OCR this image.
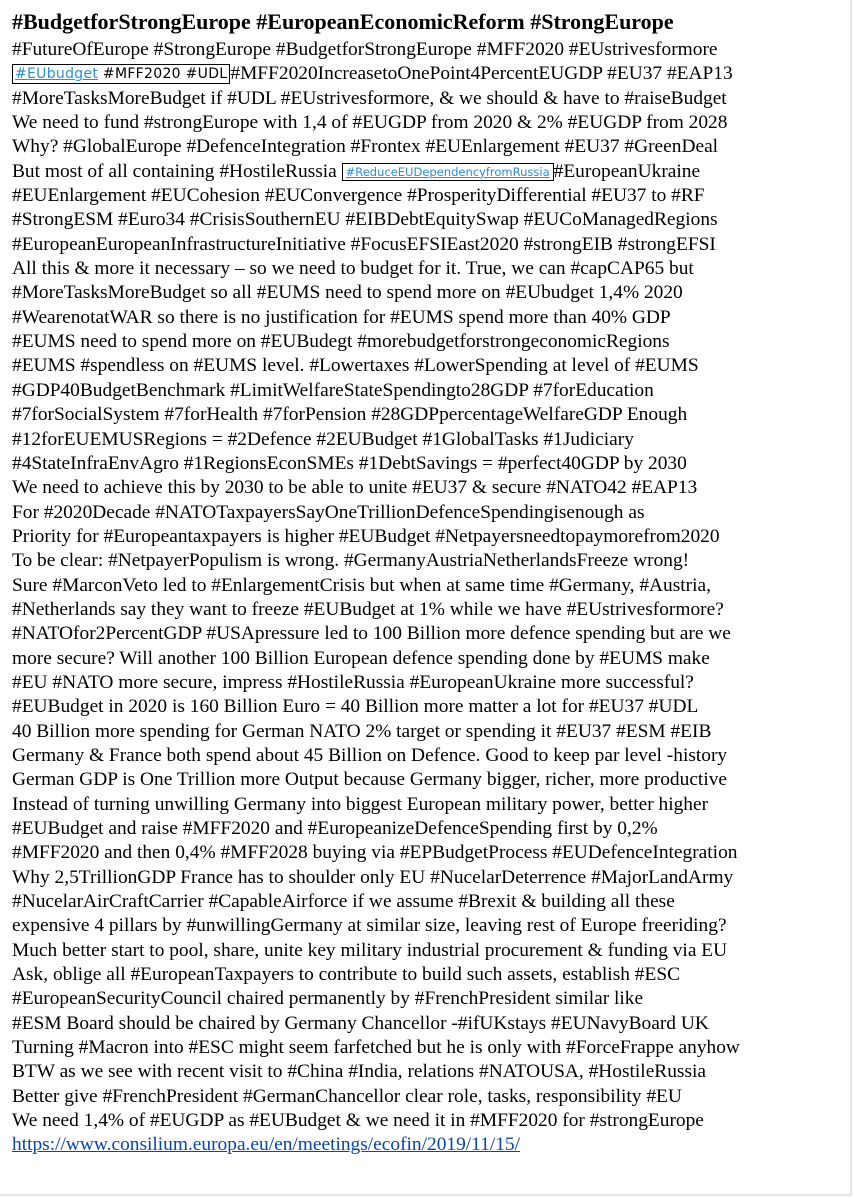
#BudgetforStrongEurope #EuropeanEconomicReform #StrongEurope
#FutureOfEurope #StrongEurope #BudgetforStrongEurope #MFF2020 #EUstrivesformore
#EUbudget #MFF2020 #UDL #MFF2020IncreasetoOnePoint4PercentEUGDP #EU37 #EAP13
#MoreTasksMoreBudget if #UDL #EUstrivesformore, & we should & have to #raiseBudget
We need to fund #strongEurope with 1,4 of #EUGDP from 2020 & 2% #EUGDP from 2028
Why? #GlobalEurope #DefenceIntegration #Frontex #EUEnlargement #EU37 #GreenDeal
But most of all containing #HostileRussia #ReduceEUDependencyfromRussia #EuropeanUkraine
#EUEnlargement #EUCohesion #EUConvergence #ProsperityDifferential #EU37 to #RF
#StrongESM #Euro34 #CrisisSouthernEU #EIBDebtEquitySwap #EUCoManagedRegions
#EuropeanEuropeanInfrastructureInitiative #FocusEFSIEast2020 #strongEIB #strongEFSI
All this & more it necessary – so we need to budget for it. True, we can #capCAP65 but
#MoreTasksMoreBudget so all #EUMS need to spend more on #EUbudget 1,4% 2020
#WearenotatWAR so there is no justification for #EUMS spend more than 40% GDP
#EUMS need to spend more on #EUBudegt #morebudgetforstrongeconomicRegions
#EUMS #spendless on #EUMS level. #Lowertaxes #LowerSpending at level of #EUMS
#GDP40BudgetBenchmark #LimitWelfareStateSpendingto28GDP #7forEducation
#7forSocialSystem #7forHealth #7forPension #28GDPpercentageWelfareGDP Enough
#12forEUEMUSRegions = #2Defence #2EUBudget #1GlobalTasks #1Judiciary
#4StateInfraEnvAgro #1RegionsEconSMEs #1DebtSavings = #perfect40GDP by 2030
We need to achieve this by 2030 to be able to unite #EU37 & secure #NATO42 #EAP13
For #2020Decade #NATOTaxpayersSayOneTrillionDefenceSpendingisenough as
Priority for #Europeantaxpayers is higher #EUBudget #Netpayersneedtopaymorefrom2020
To be clear: #NetpayerPopulism is wrong. #GermanyAustriaNetherlandsFreeze wrong!
Sure #MarconVeto led to #EnlargementCrisis but when at same time #Germany, #Austria,
#Netherlands say they want to freeze #EUBudget at 1% while we have #EUstrivesformore?
#NATOfor2PercentGDP #USApressure led to 100 Billion more defence spending but are we
more secure? Will another 100 Billion European defence spending done by #EUMS make
#EU #NATO more secure, impress #HostileRussia #EuropeanUkraine more successful?
#EUBudget in 2020 is 160 Billion Euro = 40 Billion more matter a lot for #EU37 #UDL
40 Billion more spending for German NATO 2% target or spending it #EU37 #ESM #EIB
Germany & France both spend about 45 Billion on Defence. Good to keep par level -history
German GDP is One Trillion more Output because Germany bigger, richer, more productive
Instead of turning unwilling Germany into biggest European military power, better higher
#EUBudget and raise #MFF2020 and #EuropeanizeDefenceSpending first by 0,2%
#MFF2020 and then 0,4% #MFF2028 buying via #EPBudgetProcess #EUDefenceIntegration
Why 2,5TrillionGDP France has to shoulder only EU #NucelarDeterrence #MajorLandArmy
#NucelarAirCraftCarrier #CapableAirforce if we assume #Brexit & building all these
expensive 4 pillars by #unwillingGermany at similar size, leaving rest of Europe freeriding?
Much better start to pool, share, unite key military industrial procurement & funding via EU
Ask, oblige all #EuropeanTaxpayers to contribute to build such assets, establish #ESC
#EuropeanSecurityCouncil chaired permanently by #FrenchPresident similar like
#ESM Board should be chaired by Germany Chancellor -#ifUKstays #EUNavyBoard UK
Turning #Macron into #ESC might seem farfetched but he is only with #ForceFrappe anyhow
BTW as we see with recent visit to #China #India, relations #NATOUSA, #HostileRussia
Better give #FrenchPresident #GermanChancellor clear role, tasks, responsibility #EU
We need 1,4% of #EUGDP as #EUBudget & we need it in #MFF2020 for #strongEurope
https://www.consilium.europa.eu/en/meetings/ecofin/2019/11/15/
